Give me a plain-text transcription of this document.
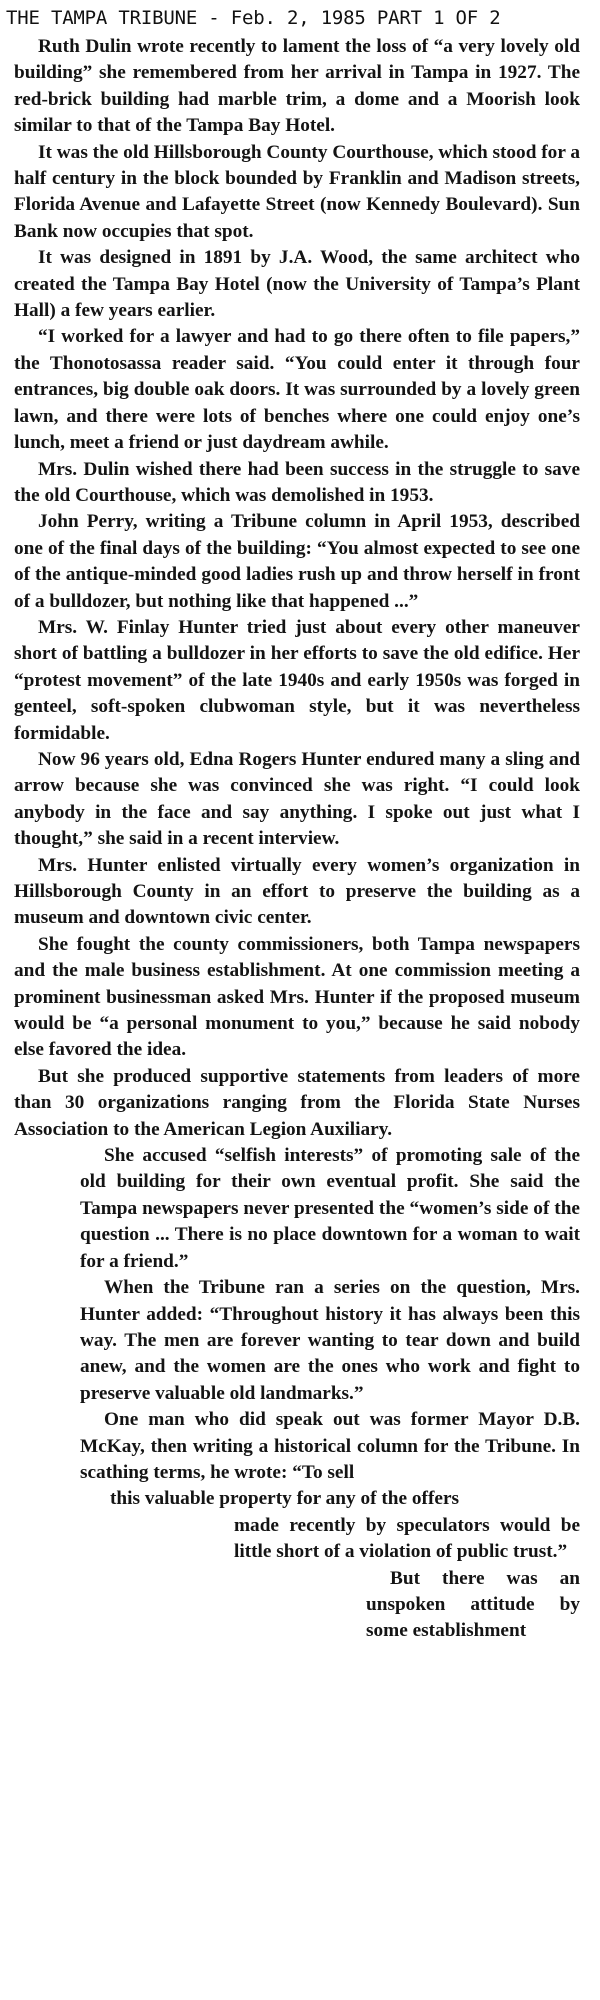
THE TAMPA TRIBUNE - Feb. 2, 1985 PART 1 OF 2

Ruth Dulin wrote recently to lament the loss of “a very lovely old building” she remembered from her arrival in Tampa in 1927. The red-brick building had marble trim, a dome and a Moorish look similar to that of the Tampa Bay Hotel.

It was the old Hillsborough County Courthouse, which stood for a half century in the block bounded by Franklin and Madison streets, Florida Avenue and Lafayette Street (now Kennedy Boulevard). Sun Bank now occupies that spot.

It was designed in 1891 by J.A. Wood, the same architect who created the Tampa Bay Hotel (now the University of Tampa’s Plant Hall) a few years earlier.

“I worked for a lawyer and had to go there often to file papers,” the Thonotosassa reader said. “You could enter it through four entrances, big double oak doors. It was surrounded by a lovely green lawn, and there were lots of benches where one could enjoy one’s lunch, meet a friend or just daydream awhile.

Mrs. Dulin wished there had been success in the struggle to save the old Courthouse, which was demolished in 1953.

John Perry, writing a Tribune column in April 1953, described one of the final days of the building: “You almost expected to see one of the antique-minded good ladies rush up and throw herself in front of a bulldozer, but nothing like that happened ...”

Mrs. W. Finlay Hunter tried just about every other maneuver short of battling a bulldozer in her efforts to save the old edifice. Her “protest movement” of the late 1940s and early 1950s was forged in genteel, soft-spoken clubwoman style, but it was nevertheless formidable.

Now 96 years old, Edna Rogers Hunter endured many a sling and arrow because she was convinced she was right. “I could look anybody in the face and say anything. I spoke out just what I thought,” she said in a recent interview.

Mrs. Hunter enlisted virtually every women’s organization in Hillsborough County in an effort to preserve the building as a museum and downtown civic center.

She fought the county commissioners, both Tampa newspapers and the male business establishment. At one commission meeting a prominent businessman asked Mrs. Hunter if the proposed museum would be “a personal monument to you,” because he said nobody else favored the idea.

But she produced supportive statements from leaders of more than 30 organizations ranging from the Florida State Nurses Association to the American Legion Auxiliary.

She accused “selfish interests” of promoting sale of the old building for their own eventual profit. She said the Tampa newspapers never presented the “women’s side of the question ... There is no place downtown for a woman to wait for a friend.”

When the Tribune ran a series on the question, Mrs. Hunter added: “Throughout history it has always been this way. The men are forever wanting to tear down and build anew, and the women are the ones who work and fight to preserve valuable old landmarks.”

One man who did speak out was former Mayor D.B. McKay, then writing a historical column for the Tribune. In scathing terms, he wrote: “To sell

this valuable property for any of the offers

made recently by speculators would be little short of a violation of public trust.”

But there was an unspoken attitude by some establishment
